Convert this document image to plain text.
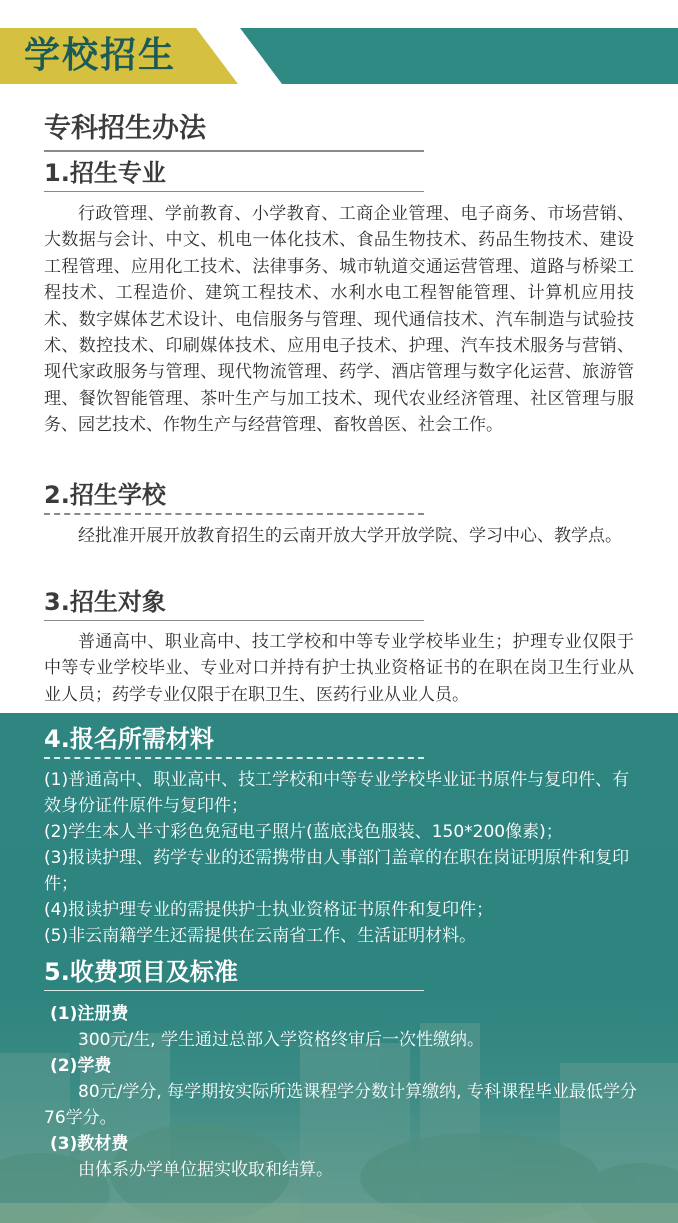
学校招生
专科招生办法
1.招生专业

行政管理、学前教育、小学教育、工商企业管理、电子商务、市场营销、大数据与会计、中文、机电一体化技术、食品生物技术、药品生物技术、建设工程管理、应用化工技术、法律事务、城市轨道交通运营管理、道路与桥梁工程技术、工程造价、建筑工程技术、水利水电工程智能管理、计算机应用技术、数字媒体艺术设计、电信服务与管理、现代通信技术、汽车制造与试验技术、数控技术、印刷媒体技术、应用电子技术、护理、汽车技术服务与营销、现代家政服务与管理、现代物流管理、药学、酒店管理与数字化运营、旅游管理、餐饮智能管理、茶叶生产与加工技术、现代农业经济管理、社区管理与服务、园艺技术、作物生产与经营管理、畜牧兽医、社会工作。

2.招生学校

经批准开展开放教育招生的云南开放大学开放学院、学习中心、教学点。

3.招生对象

普通高中、职业高中、技工学校和中等专业学校毕业生；护理专业仅限于中等专业学校毕业、专业对口并持有护士执业资格证书的在职在岗卫生行业从业人员；药学专业仅限于在职卫生、医药行业从业人员。

4.报名所需材料
(1)普通高中、职业高中、技工学校和中等专业学校毕业证书原件与复印件、有效身份证件原件与复印件；
(2)学生本人半寸彩色免冠电子照片(蓝底浅色服装、150*200像素)；
(3)报读护理、药学专业的还需携带由人事部门盖章的在职在岗证明原件和复印件；
(4)报读护理专业的需提供护士执业资格证书原件和复印件；
(5)非云南籍学生还需提供在云南省工作、生活证明材料。
5.收费项目及标准
(1)注册费
300元/生, 学生通过总部入学资格终审后一次性缴纳。
(2)学费
80元/学分, 每学期按实际所选课程学分数计算缴纳, 专科课程毕业最低学分76学分。
(3)教材费
由体系办学单位据实收取和结算。
